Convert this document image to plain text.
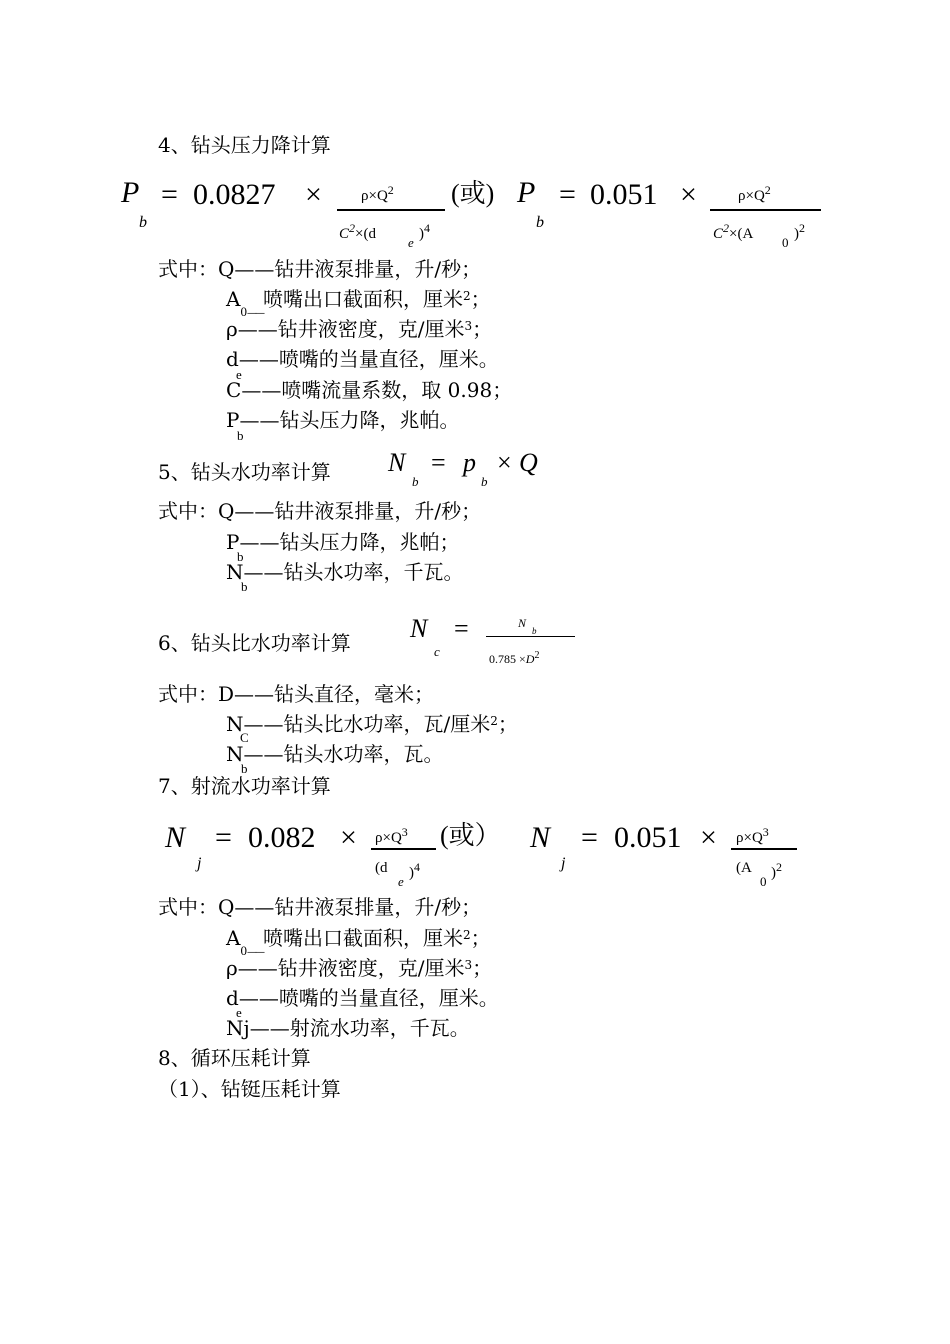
4、钻头压力降计算
P
b
= 0.0827 ×	$\rho\times Q^2$
$C^2\times(d$
e
)$^4$
(或) P
b
= 0.051 ×	$\rho\times Q^2$
$C^2\times(A$
0
)$^2$
式中：Q——钻井液泵排量，升/秒；
$A_{0——}$喷嘴出口截面积，厘米$^2$；
ρ——钻井液密度，克/厘米$^3$；
d——喷嘴的当量直径，厘米。
e
C——喷嘴流量系数，取 0.98；
P——钻头压力降，兆帕。
b
5、钻头水功率计算 N
b
= p
b
× Q
式中：Q——钻井液泵排量，升/秒；
P——钻头压力降，兆帕；
b
N——钻头水功率，千瓦。
b
6、钻头比水功率计算 N
c
=	N
b
$0.785 \times D^2$
式中：D——钻头直径，毫米；
N——钻头比水功率，瓦/厘米$^2$；
C
N——钻头水功率，瓦。
b
7、射流水功率计算
N
j
= $0.082 \times \rho\times Q^3$
(d
e
)$^4$
(或） N
j
= $0.051 \times \rho\times Q^3$
(A
0
)$^2$
式中：Q——钻井液泵排量，升/秒；
$A_{0——}$喷嘴出口截面积，厘米$^2$；
ρ——钻井液密度，克/厘米$^3$；
d——喷嘴的当量直径，厘米。
e
Nj——射流水功率，千瓦。
8、循环压耗计算
（1）、钻铤压耗计算
